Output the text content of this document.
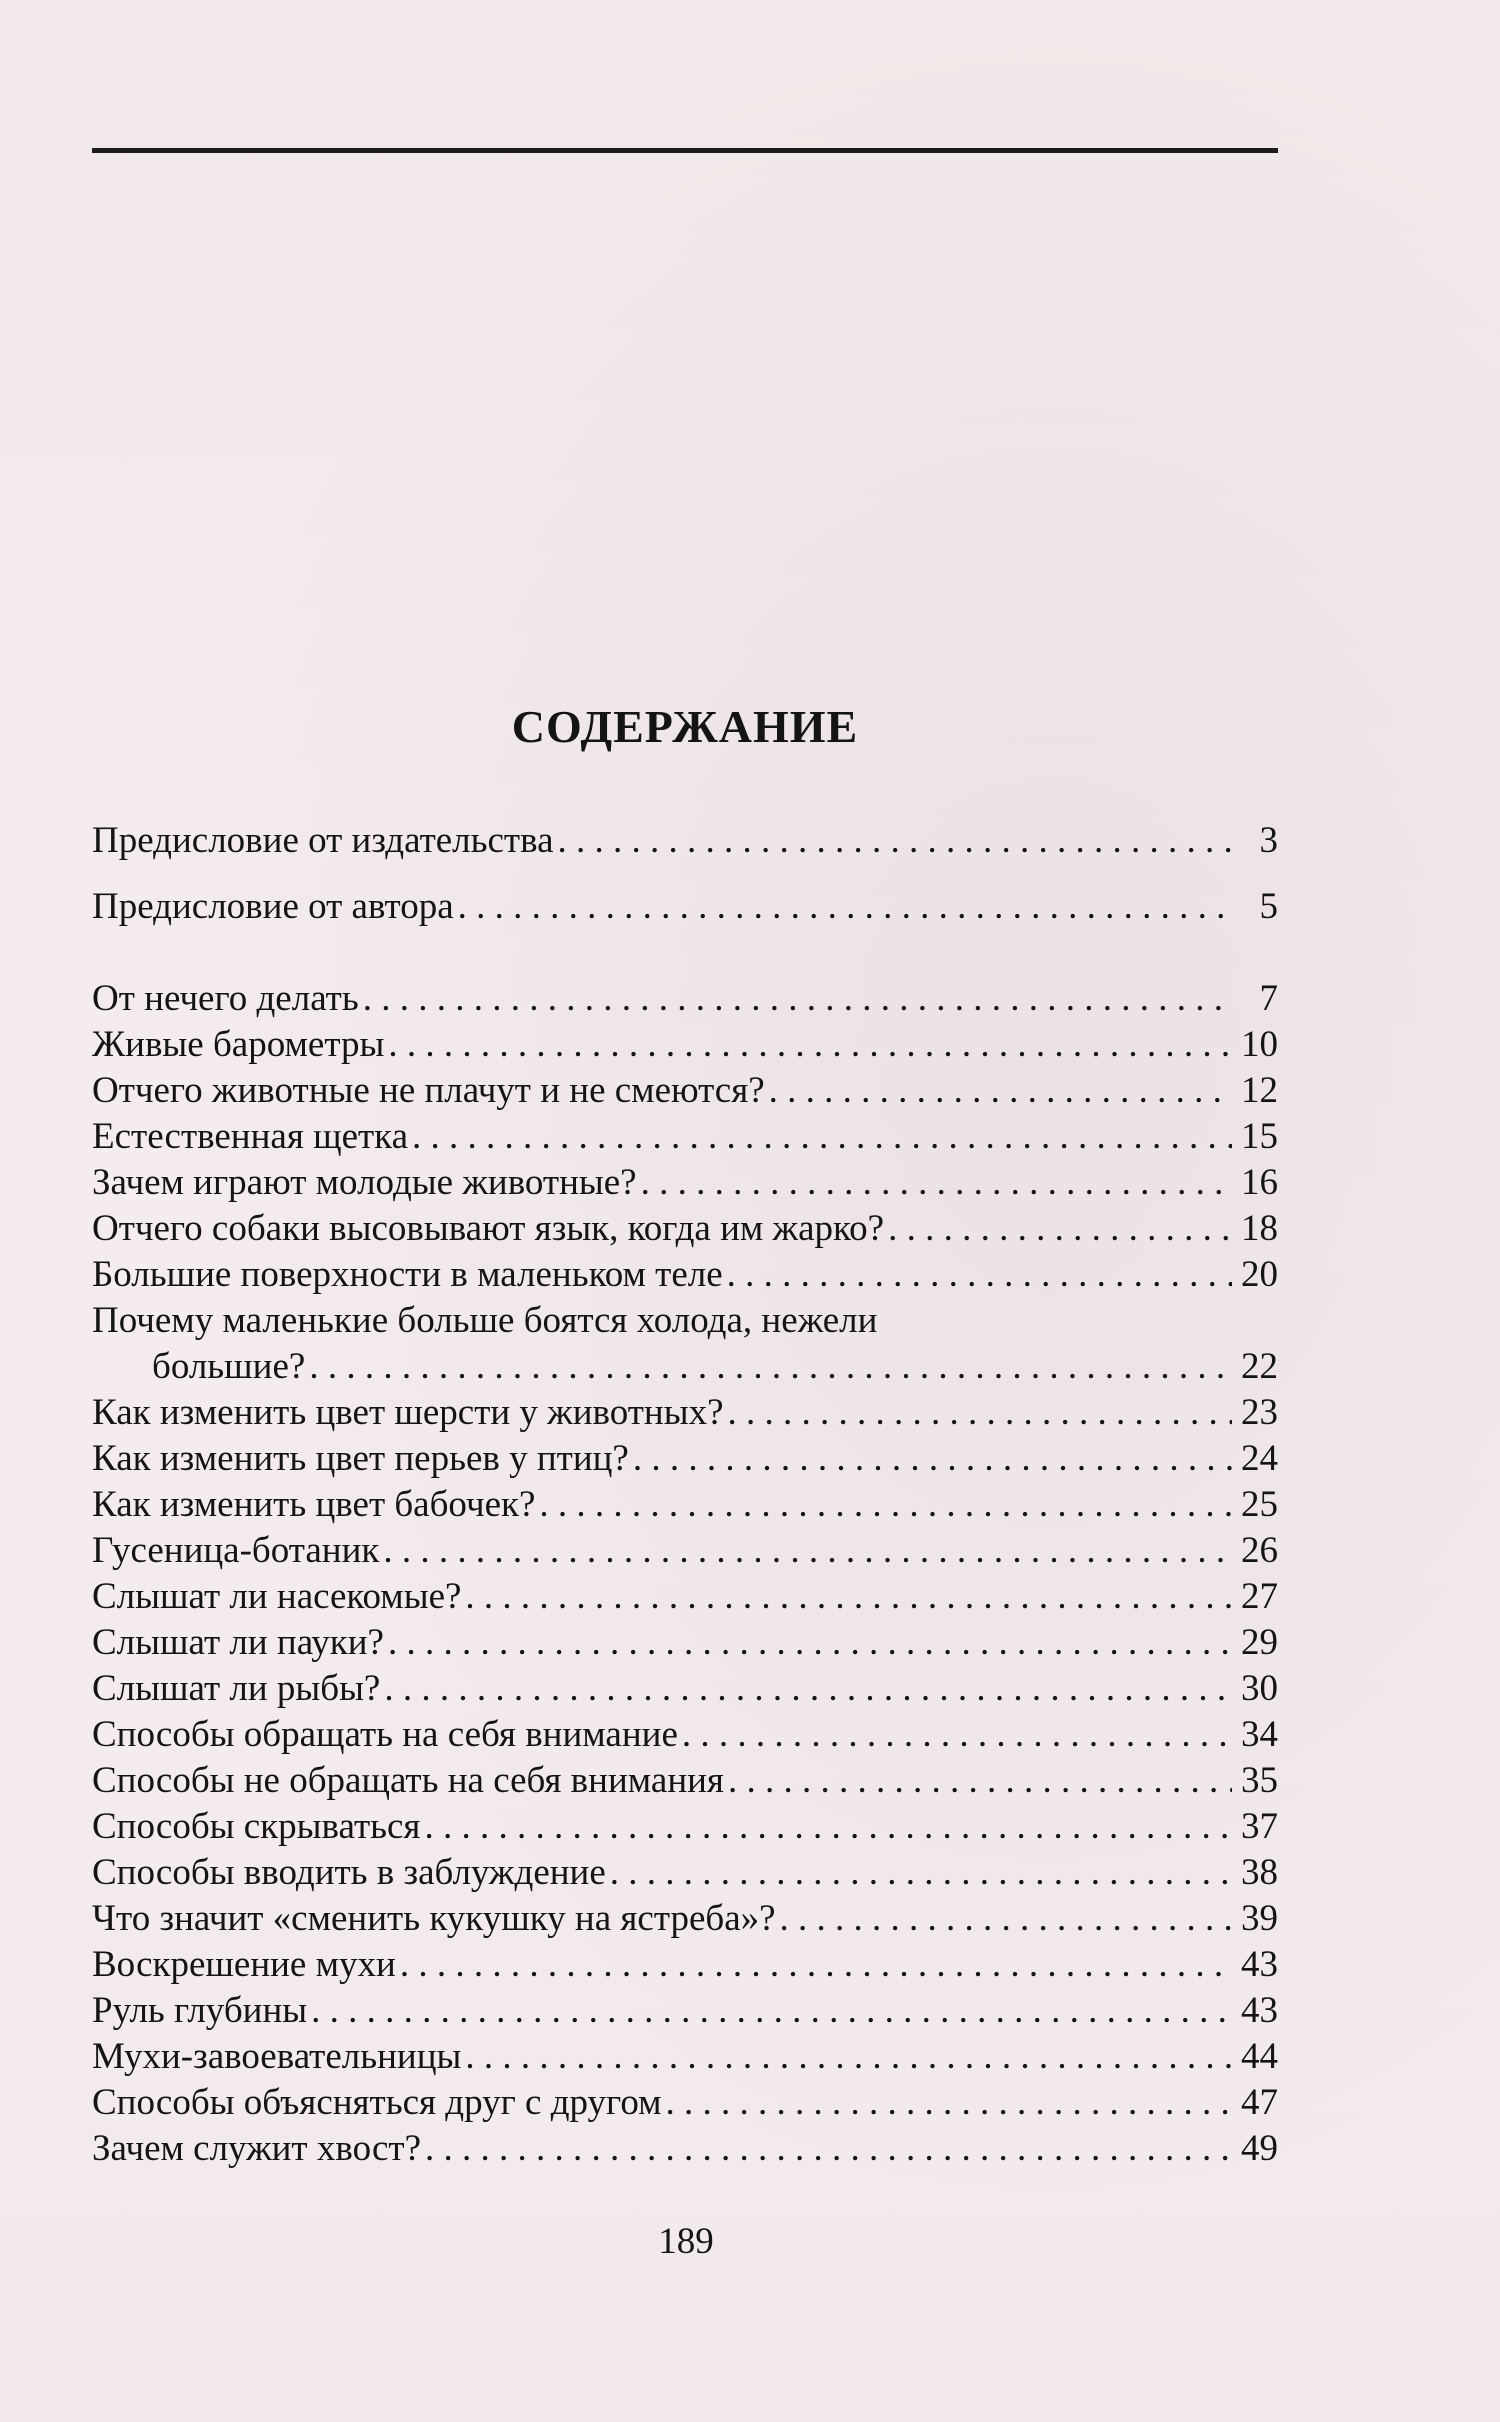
СОДЕРЖАНИЕ
Предисловие от издательства . . .	3
Предисловие от автора . . .	5
От нечего делать . . .	7
Живые барометры . . .	10
Отчего животные не плачут и не смеются? . . .	12
Естественная щетка . . .	15
Зачем играют молодые животные? . . .	16
Отчего собаки высовывают язык, когда им жарко? . . .	18
Большие поверхности в маленьком теле . . .	20
Почему маленькие больше боятся холода, нежели
большие? . . .	22
Как изменить цвет шерсти у животных? . . .	23
Как изменить цвет перьев у птиц? . . .	24
Как изменить цвет бабочек? . . .	25
Гусеница-ботаник . . .	26
Слышат ли насекомые? . . .	27
Слышат ли пауки? . . .	29
Слышат ли рыбы? . . .	30
Способы обращать на себя внимание . . .	34
Способы не обращать на себя внимания . . .	35
Способы скрываться . . .	37
Способы вводить в заблуждение . . .	38
Что значит «сменить кукушку на ястреба»? . . .	39
Воскрешение мухи . . .	43
Руль глубины . . .	43
Мухи-завоевательницы . . .	44
Способы объясняться друг с другом . . .	47
Зачем служит хвост? . . .	49
189
